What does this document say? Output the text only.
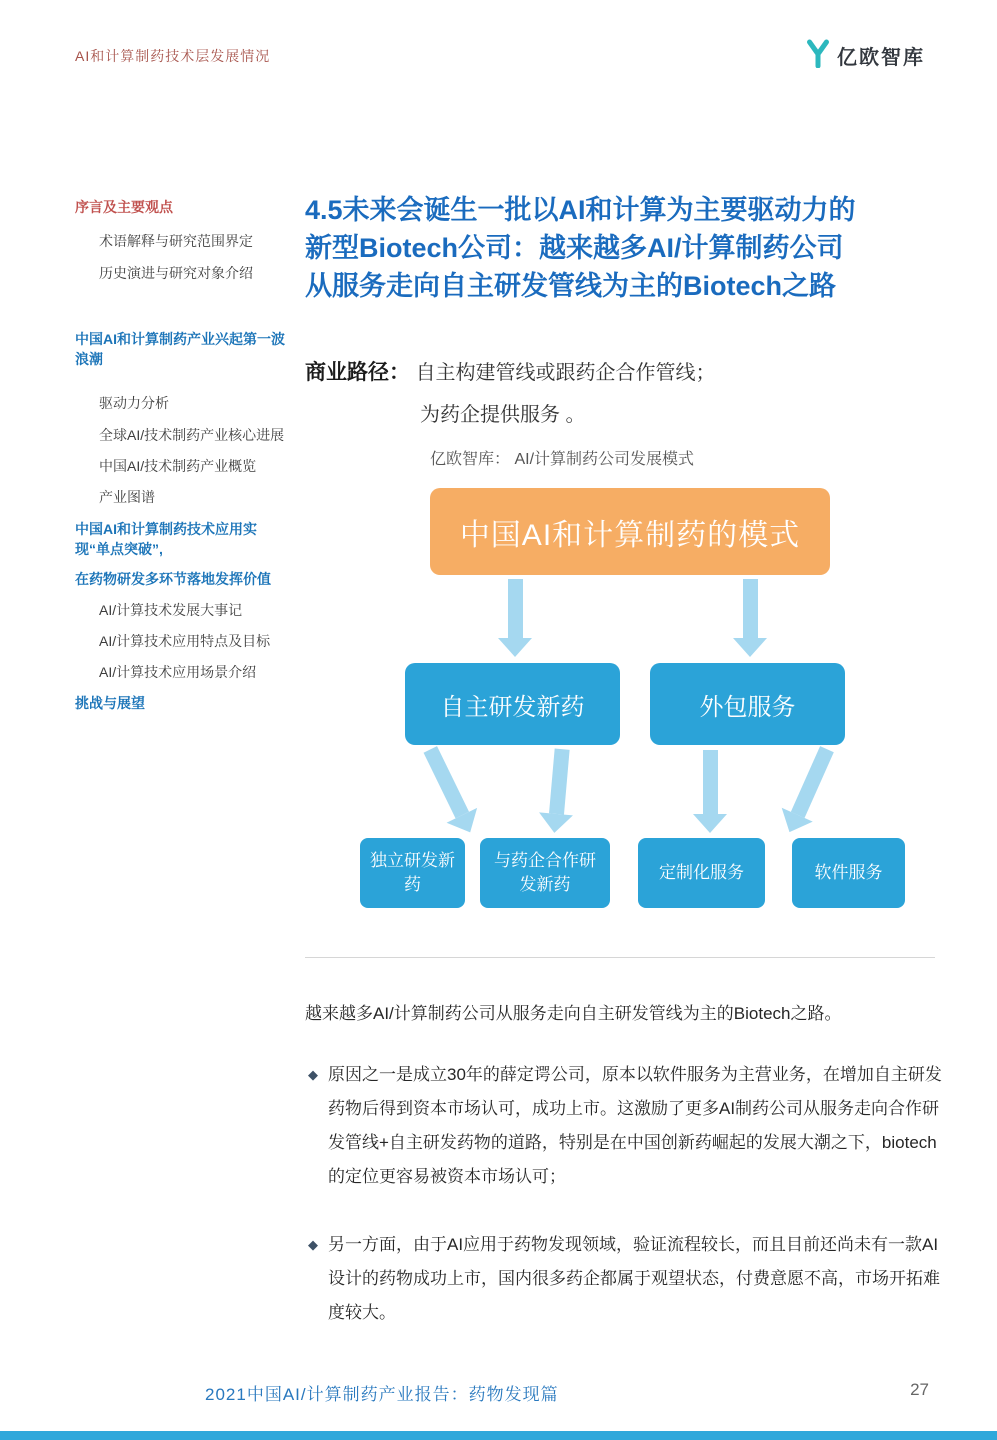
AI和计算制药技术层发展情况	亿欧智库
序言及主要观点
术语解释与研究范围界定
历史演进与研究对象介绍
中国AI和计算制药产业兴起第一波浪潮
驱动力分析
全球AI/技术制药产业核心进展
中国AI/技术制药产业概览
产业图谱
中国AI和计算制药技术应用实现“单点突破”,
在药物研发多环节落地发挥价值
AI/计算技术发展大事记
AI/计算技术应用特点及目标
AI/计算技术应用场景介绍
挑战与展望
4.5未来会诞生一批以AI和计算为主要驱动力的
新型Biotech公司：越来越多AI/计算制药公司
从服务走向自主研发管线为主的Biotech之路
商业路径： 自主构建管线或跟药企合作管线；
为药企提供服务 。
亿欧智库： AI/计算制药公司发展模式
中国AI和计算制药的模式
自主研发新药	外包服务
独立研发新药
与药企合作研发新药
定制化服务	软件服务
越来越多AI/计算制药公司从服务走向自主研发管线为主的Biotech之路。
◆ 原因之一是成立30年的薛定谔公司，原本以软件服务为主营业务，在增加自主研发药物后得到资本市场认可，成功上市。这激励了更多AI制药公司从服务走向合作研发管线+自主研发药物的道路，特别是在中国创新药崛起的发展大潮之下，biotech的定位更容易被资本市场认可；
◆ 另一方面，由于AI应用于药物发现领域，验证流程较长，而且目前还尚未有一款AI设计的药物成功上市，国内很多药企都属于观望状态，付费意愿不高，市场开拓难度较大。
2021中国AI/计算制药产业报告：药物发现篇	27
